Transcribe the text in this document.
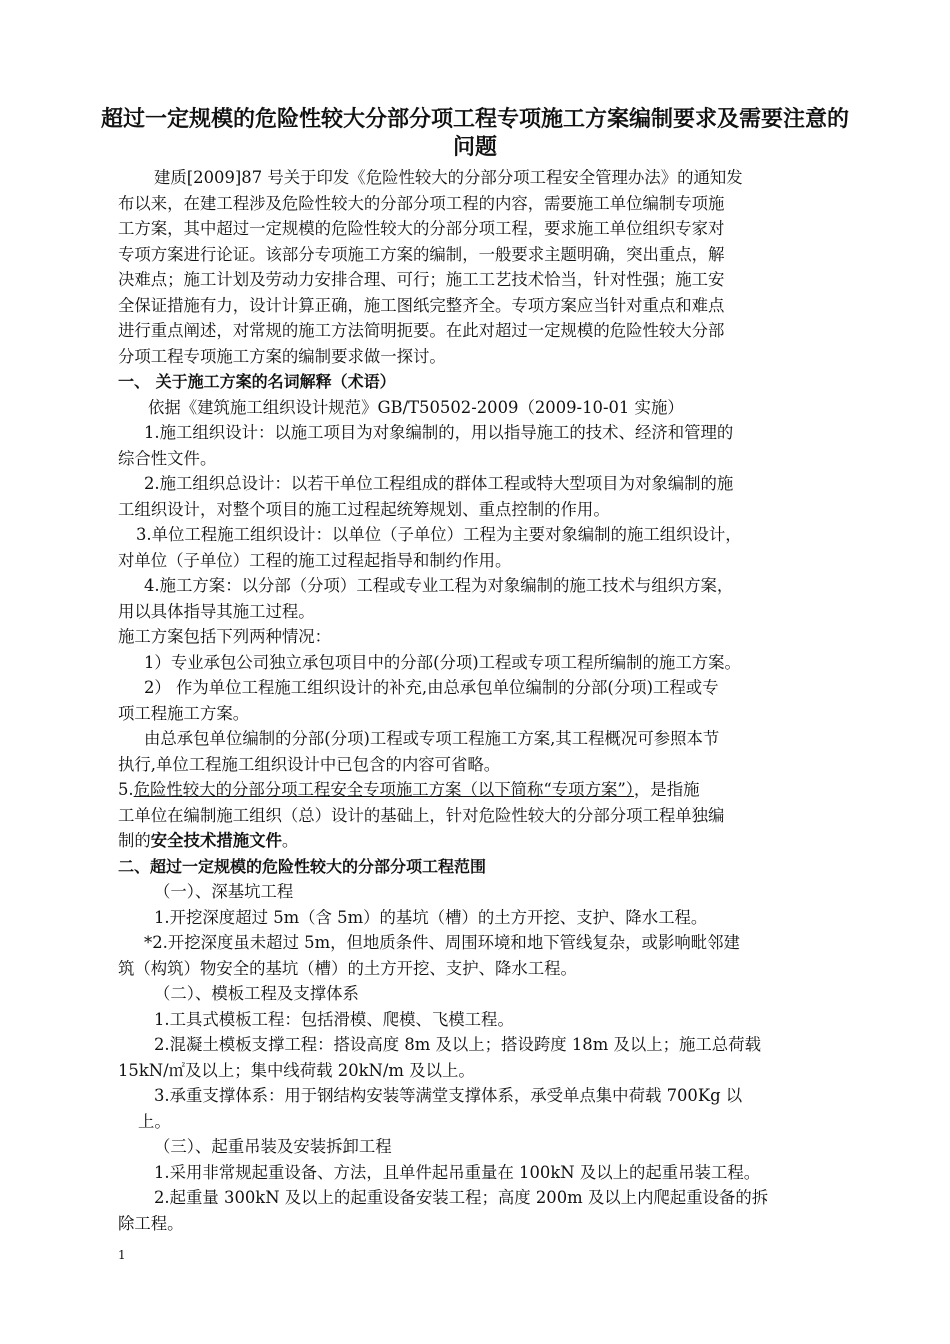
超过一定规模的危险性较大分部分项工程专项施工方案编制要求及需要注意的问题

建质[2009]87 号关于印发《危险性较大的分部分项工程安全管理办法》的通知发

布以来，在建工程涉及危险性较大的分部分项工程的内容，需要施工单位编制专项施

工方案，其中超过一定规模的危险性较大的分部分项工程，要求施工单位组织专家对

专项方案进行论证。该部分专项施工方案的编制，一般要求主题明确，突出重点，解

决难点；施工计划及劳动力安排合理、可行；施工工艺技术恰当，针对性强；施工安

全保证措施有力，设计计算正确，施工图纸完整齐全。专项方案应当针对重点和难点

进行重点阐述，对常规的施工方法简明扼要。在此对超过一定规模的危险性较大分部

分项工程专项施工方案的编制要求做一探讨。

一、 关于施工方案的名词解释（术语）

依据《建筑施工组织设计规范》GB/T50502-2009（2009-10-01 实施）

1.施工组织设计：以施工项目为对象编制的，用以指导施工的技术、经济和管理的

综合性文件。

2.施工组织总设计：以若干单位工程组成的群体工程或特大型项目为对象编制的施

工组织设计，对整个项目的施工过程起统筹规划、重点控制的作用。

3.单位工程施工组织设计：以单位（子单位）工程为主要对象编制的施工组织设计，

对单位（子单位）工程的施工过程起指导和制约作用。

4.施工方案：以分部（分项）工程或专业工程为对象编制的施工技术与组织方案，

用以具体指导其施工过程。

施工方案包括下列两种情况：

1）专业承包公司独立承包项目中的分部(分项)工程或专项工程所编制的施工方案。

2） 作为单位工程施工组织设计的补充,由总承包单位编制的分部(分项)工程或专

项工程施工方案。

由总承包单位编制的分部(分项)工程或专项工程施工方案,其工程概况可参照本节

执行,单位工程施工组织设计中已包含的内容可省略。

5.危险性较大的分部分项工程安全专项施工方案（以下简称“专项方案”），是指施

工单位在编制施工组织（总）设计的基础上，针对危险性较大的分部分项工程单独编

制的安全技术措施文件。

二、超过一定规模的危险性较大的分部分项工程范围

（一）、深基坑工程

1.开挖深度超过 5m（含 5m）的基坑（槽）的土方开挖、支护、降水工程。

*2.开挖深度虽未超过 5m，但地质条件、周围环境和地下管线复杂，或影响毗邻建

筑（构筑）物安全的基坑（槽）的土方开挖、支护、降水工程。

（二）、模板工程及支撑体系

1.工具式模板工程：包括滑模、爬模、飞模工程。

2.混凝土模板支撑工程：搭设高度 8m 及以上；搭设跨度 18m 及以上；施工总荷载

15kN/㎡及以上；集中线荷载 20kN/m 及以上。

3.承重支撑体系：用于钢结构安装等满堂支撑体系，承受单点集中荷载 700Kg 以

上。

（三）、起重吊装及安装拆卸工程

1.采用非常规起重设备、方法，且单件起吊重量在 100kN 及以上的起重吊装工程。

2.起重量 300kN 及以上的起重设备安装工程；高度 200m 及以上内爬起重设备的拆

除工程。

1
